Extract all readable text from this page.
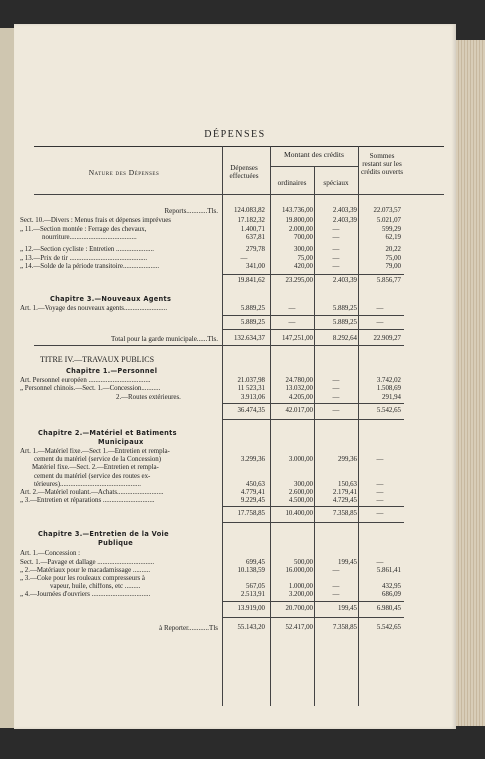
DÉPENSES
Nature des Dépenses	Dépenses effectuées
Montant des crédits
ordinaires	spéciaux
Sommes restant sur les crédits ouverts
Reports............Tls.	124.083,82	143.736,00	2.403,39	22.073,57
Sect. 10.—Divers : Menus frais et dépenses imprévues	17.182,32	19.800,00	2.403,39	5.021,07
„ 11.—Section montée : Ferrage des chevaux,	1.400,71	2.000,00	—	599,29
nourriture.......................................	637,81	700,00	—	62,19
„ 12.—Section cycliste : Entretien ......................	279,78	300,00	—	20,22
„ 13.—Prix de tir .............................................	—	75,00	—	75,00
„ 14.—Solde de la période transitoire.....................	341,00	420,00	—	79,00
19.841,62	23.295,00	2.403,39	5.856,77
Chapitre 3.—Nouveaux Agents
Art. 1.—Voyage des nouveaux agents.........................	5.889,25	—	5.889,25	—
5.889,25	—	5.889,25	—
Total pour la garde municipale......Tls.	132.634,37	147,251,00	8.292,64	22.909,27
TITRE IV.—TRAVAUX PUBLICS
Chapitre 1.—Personnel
Art. Personnel européen ....................................	21.037,98	24.780,00	—	3.742,02
„ Personnel chinois.—Sect. 1.—Concession...........	11 523,31	13.032,00	—	1.508,69
2.—Routes extérieures.	3.913,06	4.205,00	—	291,94
36.474,35	42.017,00	—	5.542,65
Chapitre 2.—Matériel et Batiments
Municipaux
Art. 1.—Matériel fixe.—Sect 1.—Entretien et rempla-
cement du matériel (service de la Concession)	3.299,36	3.000,00	299,36	—
Matériel fixe.—Sect. 2.—Entretien et rempla-
cement du matériel (service des routes ex-
térieures)...............................................	450,63	300,00	150,63	—
Art. 2.—Matériel roulant.—Achats...........................	4.779,41	2.600,00	2.179,41	—
„ 3.—Entretien et réparations ..............................	9.229,45	4.500,00	4.729,45	—
17.758,85	10.400,00	7.358,85	—
Chapitre 3.—Entretien de la Voie
Publique
Art. 1.—Concession :
Sect. 1.—Pavage et dallage .................................	699,45	500,00	199,45	—
„ 2.—Matériaux pour le macadamissage ..........	10.138,59	16.000,00	—	5.861,41
„ 3.—Coke pour les rouleaux compresseurs à
vapeur, huile, chiffons, etc .........	567,05	1.000,00	—	432,95
„ 4.—Journées d'ouvriers ..................................	2.513,91	3.200,00	—	686,09
13.919,00	20.700,00	199,45	6.980,45
à Reporter............Tls	55.143,20	52.417,00	7.358,85	5.542,65
